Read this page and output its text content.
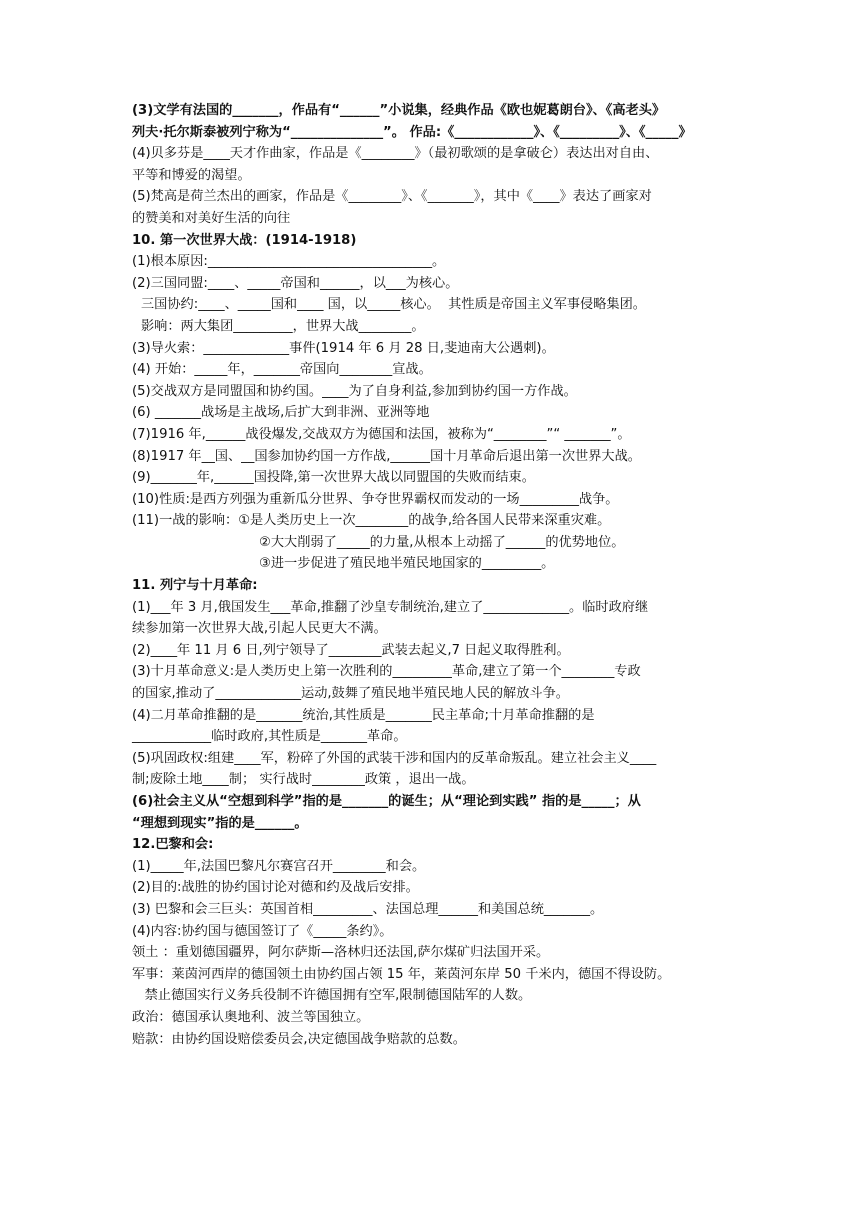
(3)文学有法国的_______，作品有“______”小说集，经典作品《欧也妮葛朗台》、《高老头》
列夫·托尔斯泰被列宁称为“______________”。 作品:《____________》、《_________》、《_____》
(4)贝多芬是____天才作曲家，作品是《________》（最初歌颂的是拿破仑）表达出对自由、
平等和博爱的渴望。
(5)梵高是荷兰杰出的画家，作品是《________》、《_______》，其中《____》表达了画家对
的赞美和对美好生活的向往
10. 第一次世界大战：(1914-1918)
(1)根本原因:__________________________________。
(2)三国同盟:____、_____帝国和______，以___为核心。
三国协约:____、_____国和____ 国，以_____核心。  其性质是帝国主义军事侵略集团。
影响：两大集团_________，世界大战________。
(3)导火索：_____________事件(1914 年 6 月 28 日,斐迪南大公遇刺)。
(4) 开始：_____年，_______帝国向________宣战。
(5)交战双方是同盟国和协约国。____为了自身利益,参加到协约国一方作战。
(6) _______战场是主战场,后扩大到非洲、亚洲等地
(7)1916 年,______战役爆发,交战双方为德国和法国，被称为“________”“ _______”。
(8)1917 年__国、__国参加协约国一方作战,______国十月革命后退出第一次世界大战。
(9)_______年,______国投降,第一次世界大战以同盟国的失败而结束。
(10)性质:是西方列强为重新瓜分世界、争夺世界霸权而发动的一场_________战争。
(11)一战的影响：①是人类历史上一次________的战争,给各国人民带来深重灾难。
②大大削弱了_____的力量,从根本上动摇了______的优势地位。
③进一步促进了殖民地半殖民地国家的_________。
11. 列宁与十月革命:
(1)___年 3 月,俄国发生___革命,推翻了沙皇专制统治,建立了_____________。临时政府继
续参加第一次世界大战,引起人民更大不满。
(2)____年 11 月 6 日,列宁领导了________武装去起义,7 日起义取得胜利。
(3)十月革命意义:是人类历史上第一次胜利的_________革命,建立了第一个________专政
的国家,推动了_____________运动,鼓舞了殖民地半殖民地人民的解放斗争。
(4)二月革命推翻的是_______统治,其性质是_______民主革命;十月革命推翻的是
____________临时政府,其性质是_______革命。
(5)巩固政权:组建____军，粉碎了外国的武装干涉和国内的反革命叛乱。建立社会主义____
制;废除土地____制； 实行战时________政策 ，退出一战。
(6)社会主义从“空想到科学”指的是_______的诞生；从“理论到实践” 指的是_____；从
“理想到现实”指的是______。
12.巴黎和会:
(1)_____年,法国巴黎凡尔赛宫召开________和会。
(2)目的:战胜的协约国讨论对德和约及战后安排。
(3) 巴黎和会三巨头：英国首相_________、法国总理______和美国总统_______。
(4)内容:协约国与德国签订了《_____条约》。
领土 ：重划德国疆界，阿尔萨斯—洛林归还法国,萨尔煤矿归法国开采。
军事：莱茵河西岸的德国领土由协约国占领 15 年，莱茵河东岸 50 千米内，德国不得设防。
禁止德国实行义务兵役制不许德国拥有空军,限制德国陆军的人数。
政治：德国承认奥地利、波兰等国独立。
赔款：由协约国设赔偿委员会,决定德国战争赔款的总数。
